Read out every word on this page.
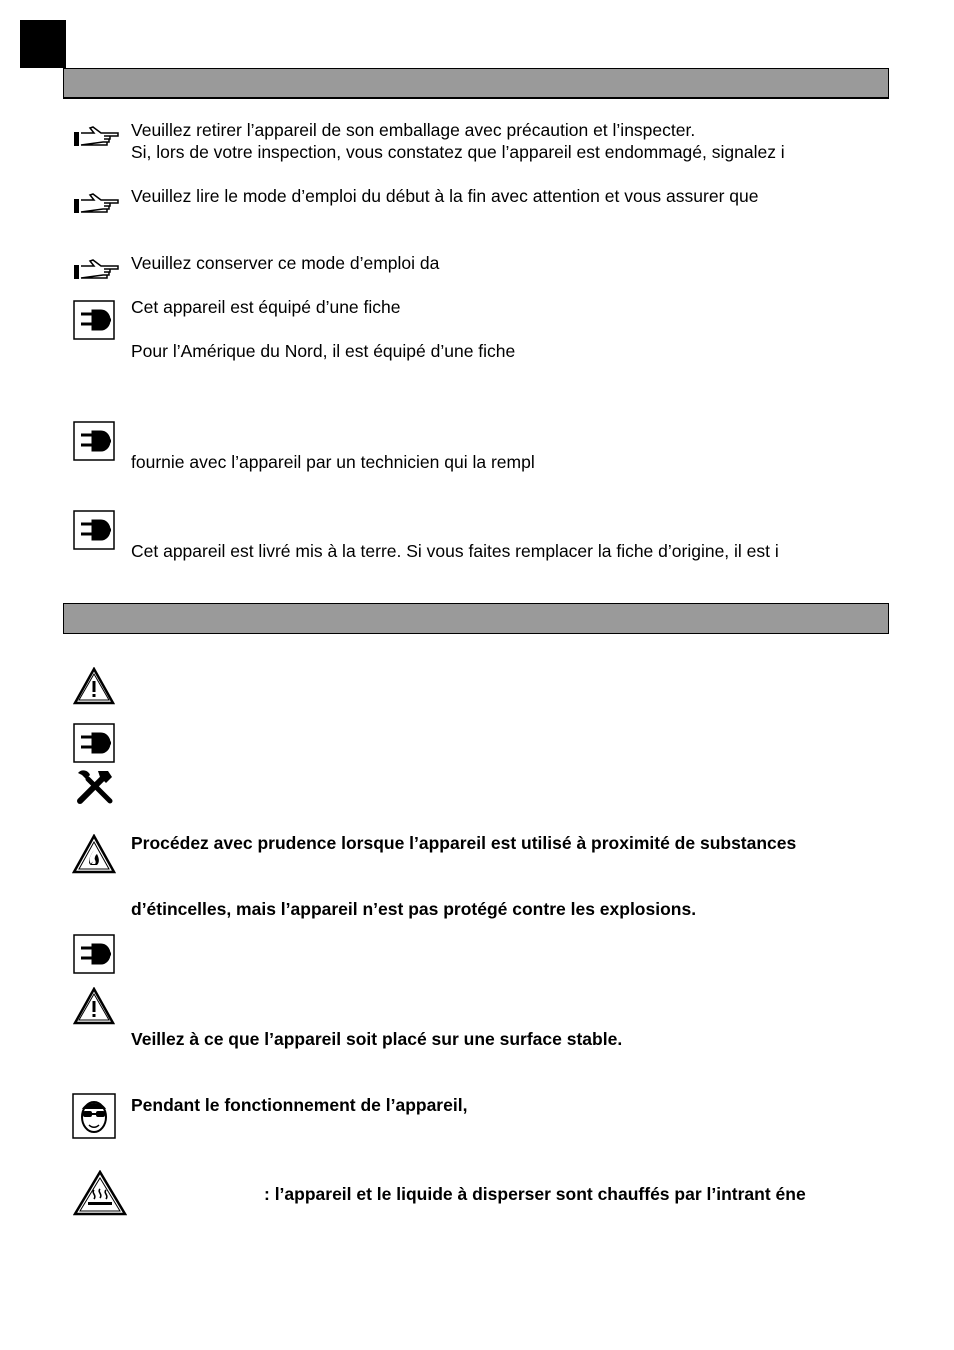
Veuillez retirer l’appareil de son emballage avec précaution et l’inspecter.
Si, lors de votre inspection, vous constatez que l’appareil est endommagé, signalez i
Veuillez lire le mode d’emploi du début à la fin avec attention et vous assurer que
Veuillez conserver ce mode d’emploi da
Cet appareil est équipé d’une fiche
Pour l’Amérique du Nord, il est équipé d’une fiche
fournie avec l’appareil par un technicien qui la rempl
Cet appareil est livré mis à la terre. Si vous faites remplacer la fiche d’origine, il est i
Procédez avec prudence lorsque l’appareil est utilisé à proximité de substances
d’étincelles, mais l’appareil n’est pas protégé contre les explosions.
Veillez à ce que l’appareil soit placé sur une surface stable.
Pendant le fonctionnement de l’appareil,
: l’appareil et le liquide à disperser sont chauffés par l’intrant éne
